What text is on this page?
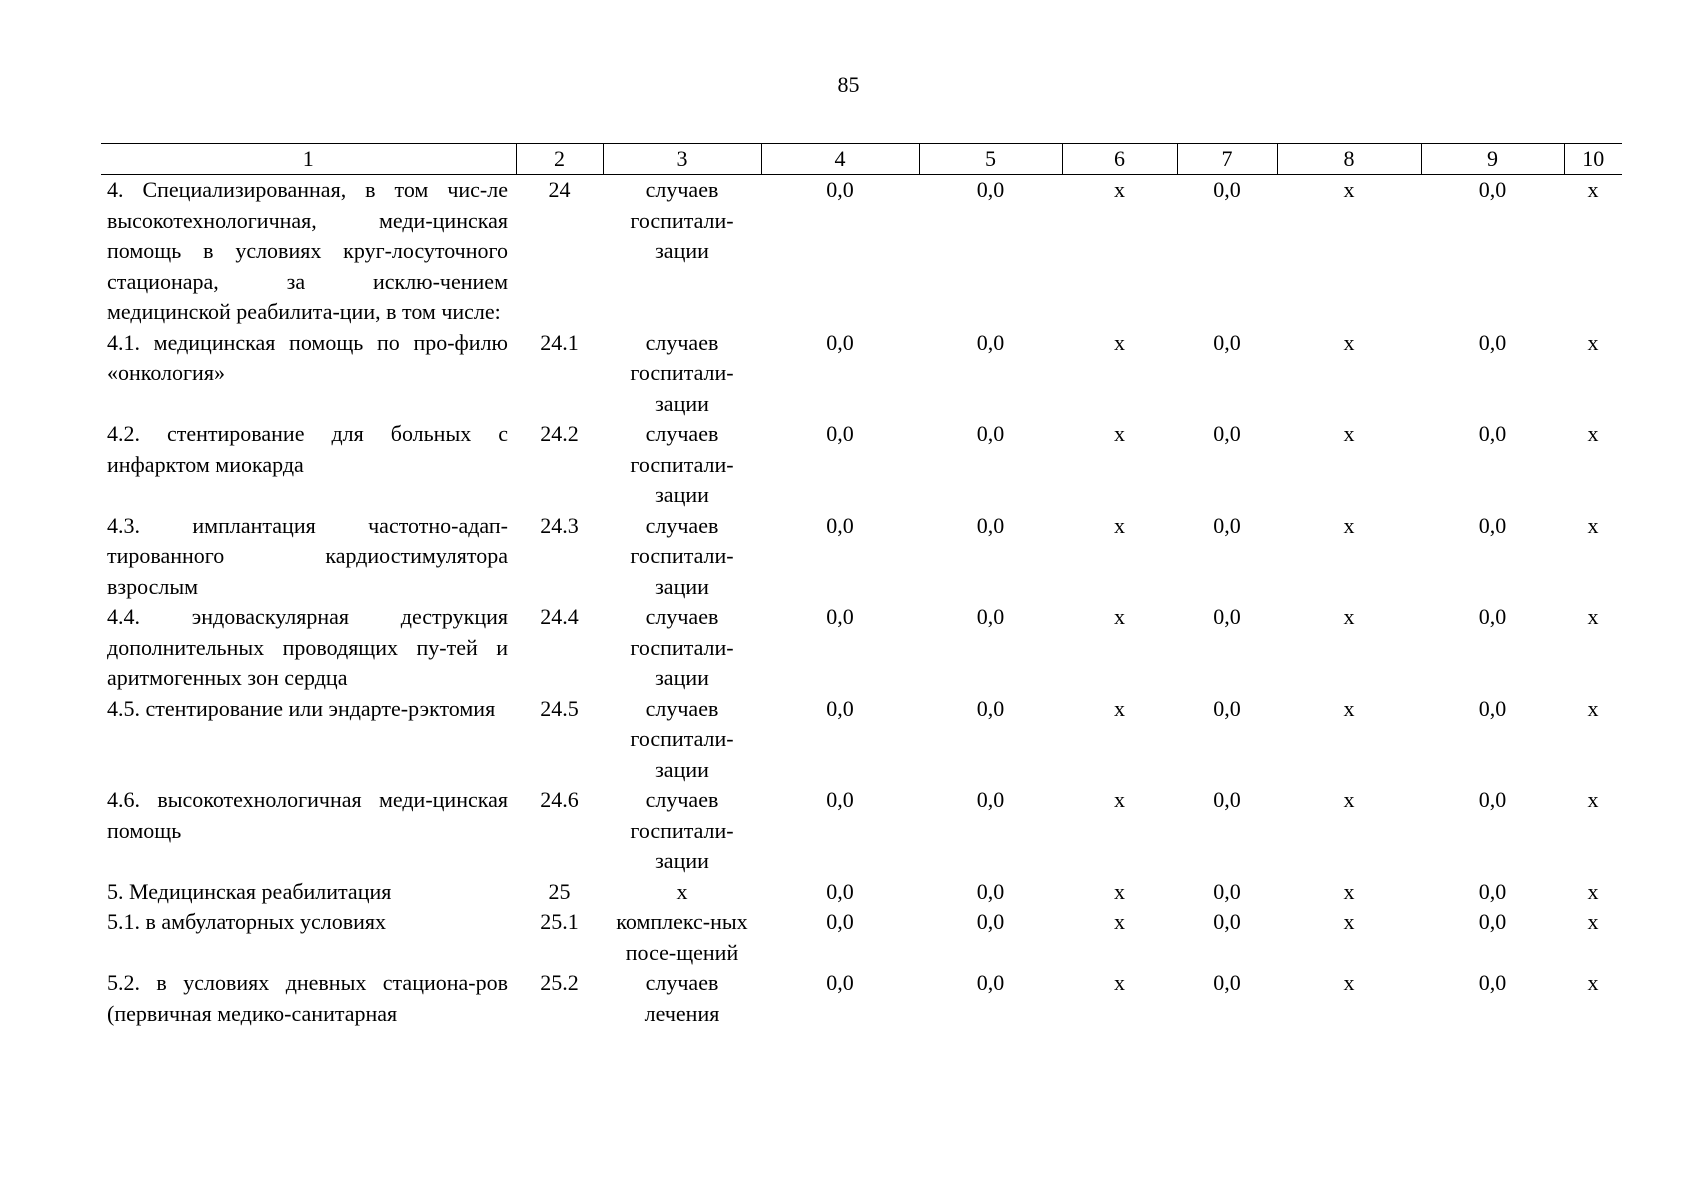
85
1	2	3	4	5	6	7	8	9	10
4. Специализированная, в том чис-ле высокотехнологичная, меди-цинская помощь в условиях круг-лосуточного стационара, за исклю-чением медицинской реабилита-ции, в том числе:	24	случаев госпитали-зации	0,0	0,0	х	0,0	х	0,0	х
4.1. медицинская помощь по про-филю «онкология»	24.1	случаев госпитали-зации	0,0	0,0	х	0,0	х	0,0	х
4.2. стентирование для больных с инфарктом миокарда	24.2	случаев госпитали-зации	0,0	0,0	х	0,0	х	0,0	х
4.3. имплантация частотно-адап-тированного кардиостимулятора взрослым	24.3	случаев госпитали-зации	0,0	0,0	х	0,0	х	0,0	х
4.4. эндоваскулярная деструкция дополнительных проводящих пу-тей и аритмогенных зон сердца	24.4	случаев госпитали-зации	0,0	0,0	х	0,0	х	0,0	х
4.5. стентирование или эндарте-рэктомия	24.5	случаев госпитали-зации	0,0	0,0	х	0,0	х	0,0	х
4.6. высокотехнологичная меди-цинская помощь	24.6	случаев госпитали-зации	0,0	0,0	х	0,0	х	0,0	х
5. Медицинская реабилитация	25	х	0,0	0,0	х	0,0	х	0,0	х
5.1. в амбулаторных условиях	25.1	комплекс-ных посе-щений	0,0	0,0	х	0,0	х	0,0	х
5.2. в условиях дневных стациона-ров (первичная медико-санитарная	25.2	случаев лечения	0,0	0,0	х	0,0	х	0,0	х
